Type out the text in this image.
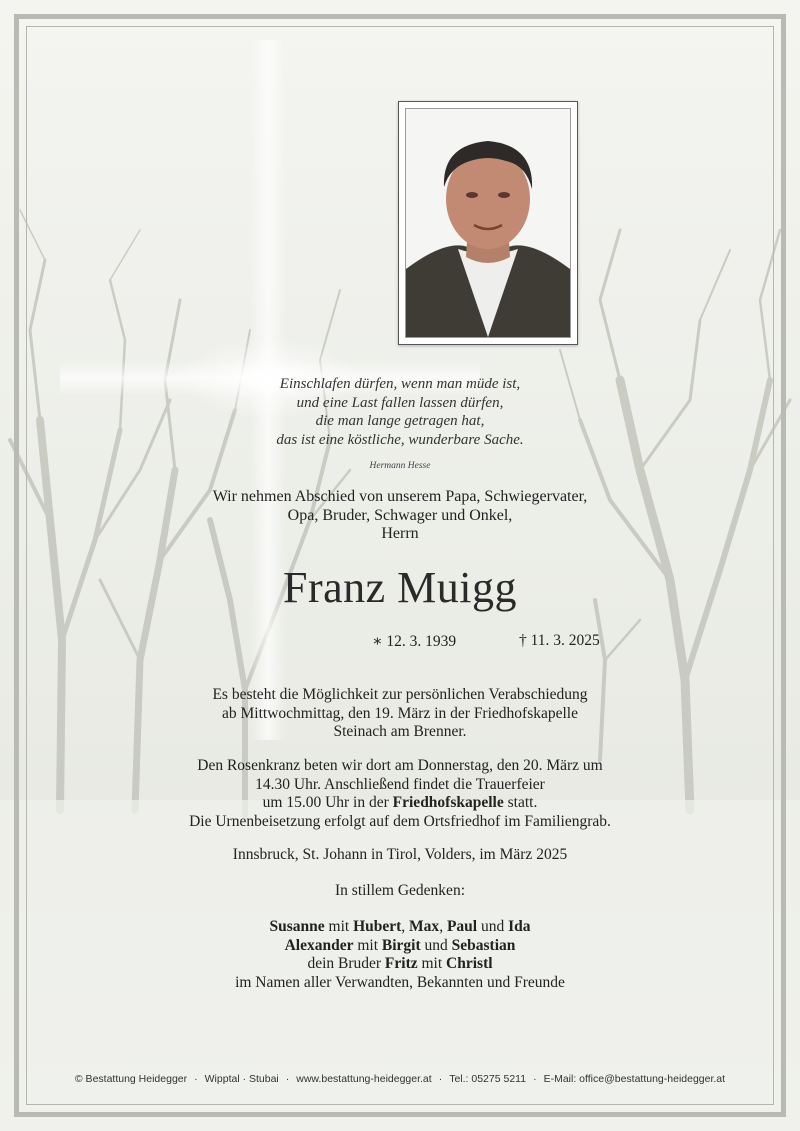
Einschlafen dürfen, wenn man müde ist,
und eine Last fallen lassen dürfen,
die man lange getragen hat,
das ist eine köstliche, wunderbare Sache.
Hermann Hesse
Wir nehmen Abschied von unserem Papa, Schwiegervater,
Opa, Bruder, Schwager und Onkel,
Herrn
Franz Muigg
∗ 12. 3. 1939	† 11. 3. 2025
Es besteht die Möglichkeit zur persönlichen Verabschiedung
ab Mittwochmittag, den 19. März in der Friedhofskapelle
Steinach am Brenner.
Den Rosenkranz beten wir dort am Donnerstag, den 20. März um
14.30 Uhr. Anschließend findet die Trauerfeier
um 15.00 Uhr in der Friedhofskapelle statt.
Die Urnenbeisetzung erfolgt auf dem Ortsfriedhof im Familiengrab.
Innsbruck, St. Johann in Tirol, Volders, im März 2025
In stillem Gedenken:
Susanne mit Hubert, Max, Paul und Ida
Alexander mit Birgit und Sebastian
dein Bruder Fritz mit Christl
im Namen aller Verwandten, Bekannten und Freunde
© Bestattung Heidegger · Wipptal · Stubai · www.bestattung-heidegger.at · Tel.: 05275 5211 · E-Mail: office@bestattung-heidegger.at
